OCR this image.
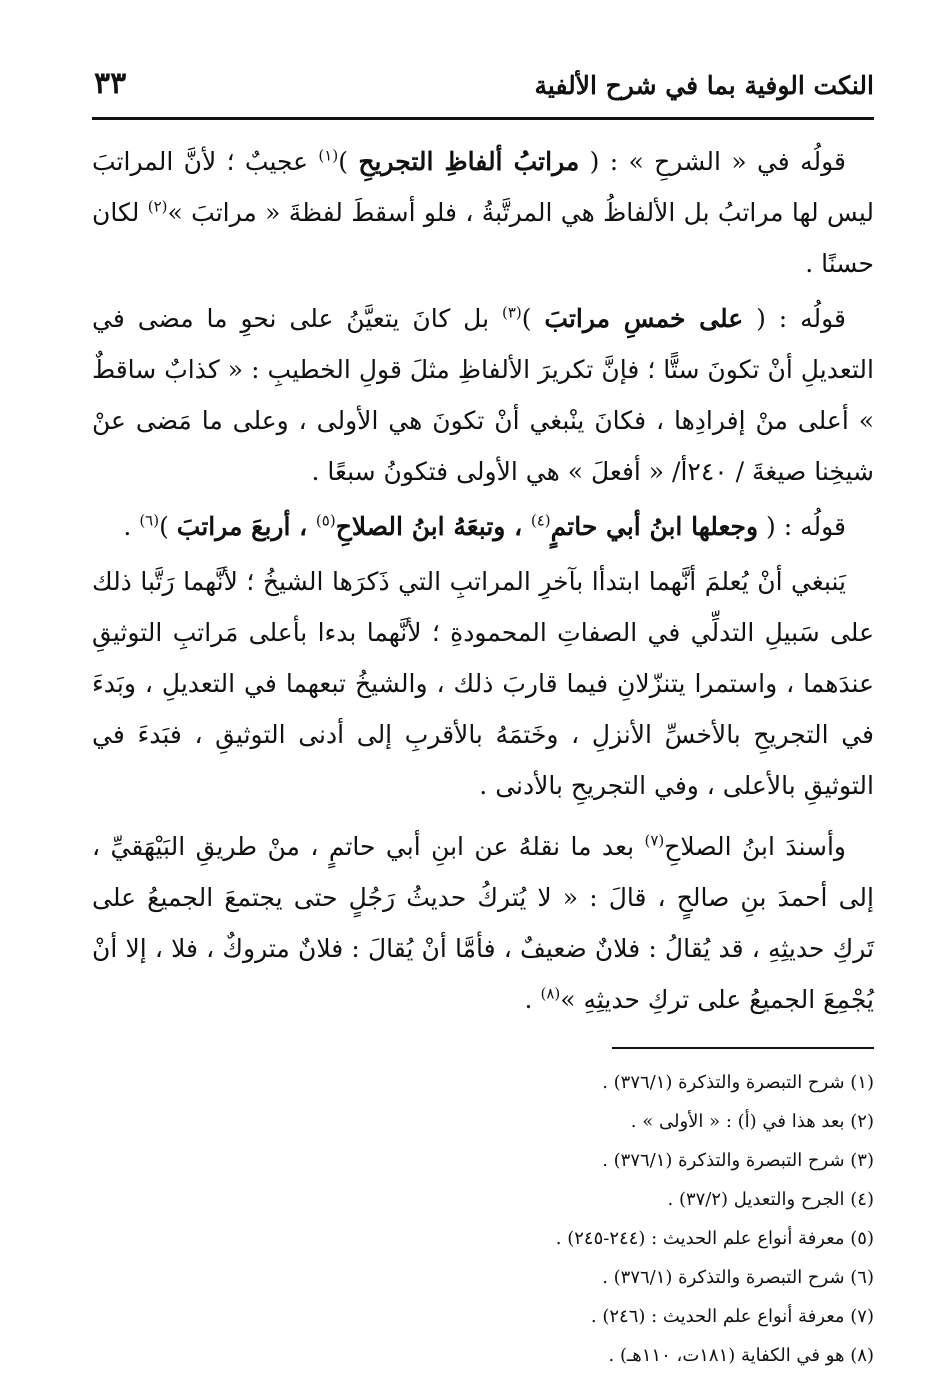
النكت الوفية بما في شرح الألفية
٣٣

قولُه في « الشرحِ » : ( مراتبُ ألفاظِ التجريحِ )$^{(١)}$ عجيبٌ ؛ لأنَّ المراتبَ ليس لها مراتبُ بل الألفاظُ هي المرتَّبةُ ، فلو أسقطَ لفظةَ « مراتبَ »$^{(٢)}$ لكان حسنًا .

قولُه : ( على خمسِ مراتبَ )$^{(٣)}$ بل كانَ يتعيَّنُ على نحوِ ما مضى في التعديلِ أنْ تكونَ ستًّا ؛ فإنَّ تكريرَ الألفاظِ مثلَ قولِ الخطيبِ : « كذابٌ ساقطٌ » أعلى منْ إفرادِها ، فكانَ ينْبغي أنْ تكونَ هي الأولى ، وعلى ما مَضى عنْ شيخِنا صيغةَ / ٢٤٠أ/ « أفعلَ » هي الأولى فتكونُ سبعًا .

قولُه : ( وجعلها ابنُ أبي حاتمٍ$^{(٤)}$ ، وتبعَهُ ابنُ الصلاحِ$^{(٥)}$ ، أربعَ مراتبَ )$^{(٦)}$ .

يَنبغي أنْ يُعلمَ أنَّهما ابتدأا بآخرِ المراتبِ التي ذَكرَها الشيخُ ؛ لأنَّهما رَتَّبا ذلك على سَبيلِ التدلِّي في الصفاتِ المحمودةِ ؛ لأنَّهما بدءا بأعلى مَراتبِ التوثيقِ عندَهما ، واستمرا يتنزّلانِ فيما قاربَ ذلك ، والشيخُ تبعهما في التعديلِ ، وبَدءَ في التجريحِ بالأخسِّ الأنزلِ ، وخَتمَهُ بالأقربِ إلى أدنى التوثيقِ ، فبَدءَ في التوثيقِ بالأعلى ، وفي التجريحِ بالأدنى .

وأسندَ ابنُ الصلاحِ$^{(٧)}$ بعد ما نقلهُ عن ابنِ أبي حاتمٍ ، منْ طريقِ البَيْهَقيِّ ، إلى أحمدَ بنِ صالحٍ ، قالَ : « لا يُتركُ حديثُ رَجُلٍ حتى يجتمعَ الجميعُ على تَركِ حديثِهِ ، قد يُقالُ : فلانٌ ضعيفٌ ، فأمَّا أنْ يُقالَ : فلانٌ متروكٌ ، فلا ، إلا أنْ يُجْمِعَ الجميعُ على تركِ حديثِهِ »$^{(٨)}$ .

(١) شرح التبصرة والتذكرة (٣٧٦/١) .

(٢) بعد هذا في (أ) : « الأولى » .

(٣) شرح التبصرة والتذكرة (٣٧٦/١) .

(٤) الجرح والتعديل (٣٧/٢) .

(٥) معرفة أنواع علم الحديث : (٢٤٤-٢٤٥) .

(٦) شرح التبصرة والتذكرة (٣٧٦/١) .

(٧) معرفة أنواع علم الحديث : (٢٤٦) .

(٨) هو في الكفاية (١٨١ت، ١١٠هـ) .
